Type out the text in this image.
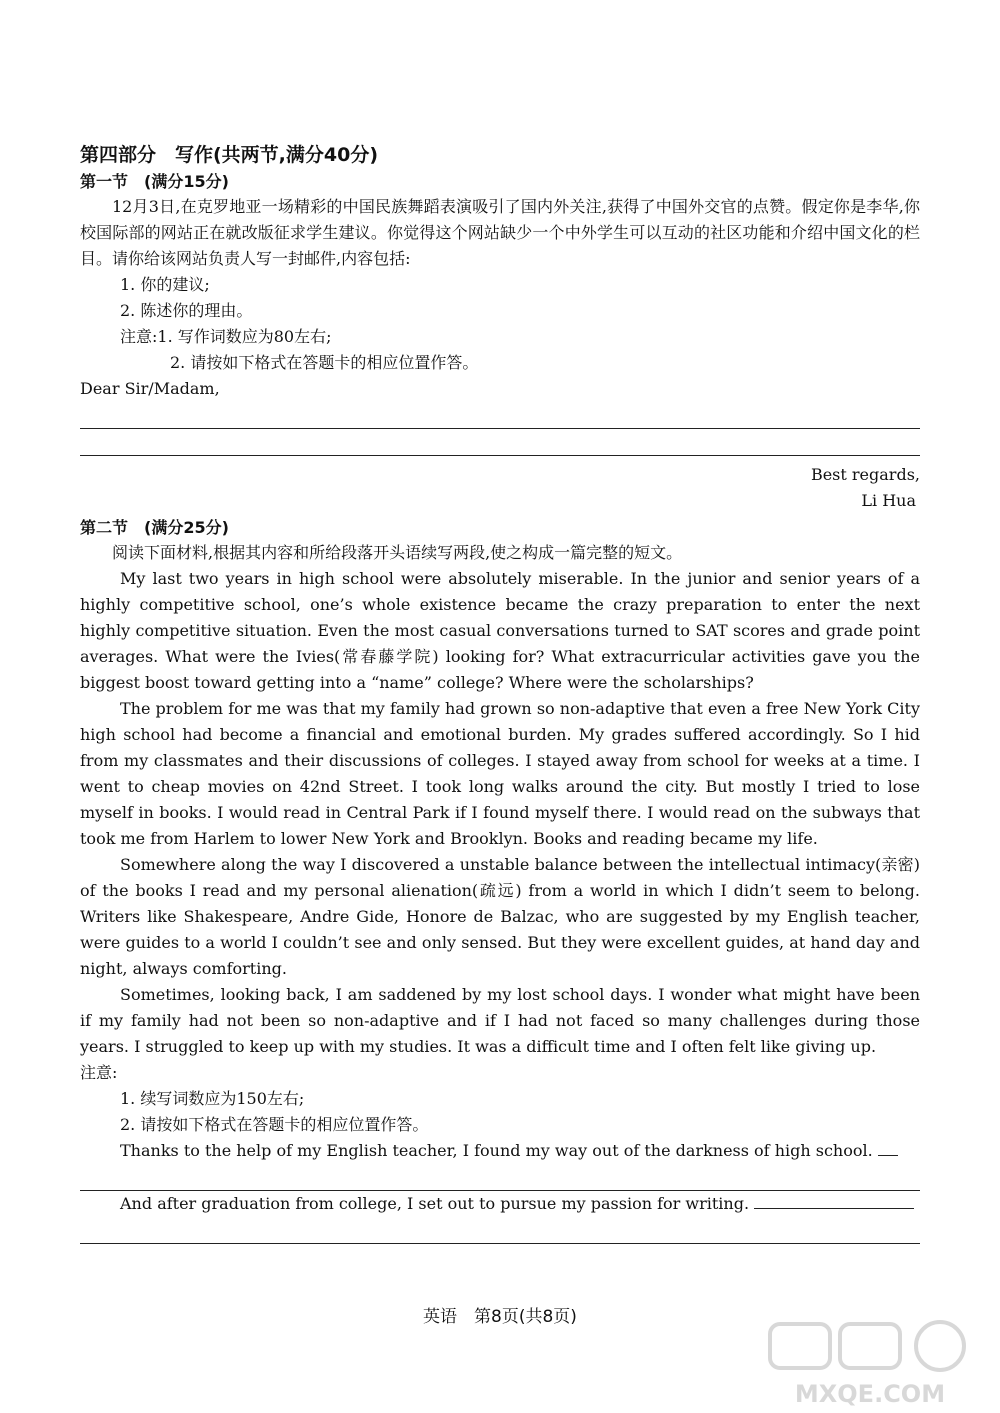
第四部分　写作(共两节,满分40分)
第一节　(满分15分)

12月3日,在克罗地亚一场精彩的中国民族舞蹈表演吸引了国内外关注,获得了中国外交官的点赞。假定你是李华,你校国际部的网站正在就改版征求学生建议。你觉得这个网站缺少一个中外学生可以互动的社区功能和介绍中国文化的栏目。请你给该网站负责人写一封邮件,内容包括:

1. 你的建议;

2. 陈述你的理由。

注意:1. 写作词数应为80左右;

2. 请按如下格式在答题卡的相应位置作答。

Dear Sir/Madam,

Best regards,

Li Hua

第二节　(满分25分)

阅读下面材料,根据其内容和所给段落开头语续写两段,使之构成一篇完整的短文。

My last two years in high school were absolutely miserable. In the junior and senior years of a highly competitive school, one’s whole existence became the crazy preparation to enter the next highly competitive situation. Even the most casual conversations turned to SAT scores and grade point averages. What were the Ivies(常春藤学院) looking for? What extracurricular activities gave you the biggest boost toward getting into a “name” college? Where were the scholarships?

The problem for me was that my family had grown so non-adaptive that even a free New York City high school had become a financial and emotional burden. My grades suffered accordingly. So I hid from my classmates and their discussions of colleges. I stayed away from school for weeks at a time. I went to cheap movies on 42nd Street. I took long walks around the city. But mostly I tried to lose myself in books. I would read in Central Park if I found myself there. I would read on the subways that took me from Harlem to lower New York and Brooklyn. Books and reading became my life.

Somewhere along the way I discovered a unstable balance between the intellectual intimacy(亲密) of the books I read and my personal alienation(疏远) from a world in which I didn’t seem to belong. Writers like Shakespeare, Andre Gide, Honore de Balzac, who are suggested by my English teacher, were guides to a world I couldn’t see and only sensed. But they were excellent guides, at hand day and night, always comforting.

Sometimes, looking back, I am saddened by my lost school days. I wonder what might have been if my family had not been so non-adaptive and if I had not faced so many challenges during those years. I struggled to keep up with my studies. It was a difficult time and I often felt like giving up.

注意:

1. 续写词数应为150左右;

2. 请按如下格式在答题卡的相应位置作答。

Thanks to the help of my English teacher, I found my way out of the darkness of high school.

And after graduation from college, I set out to pursue my passion for writing.

英语　第8页(共8页)
MXQE.COM
